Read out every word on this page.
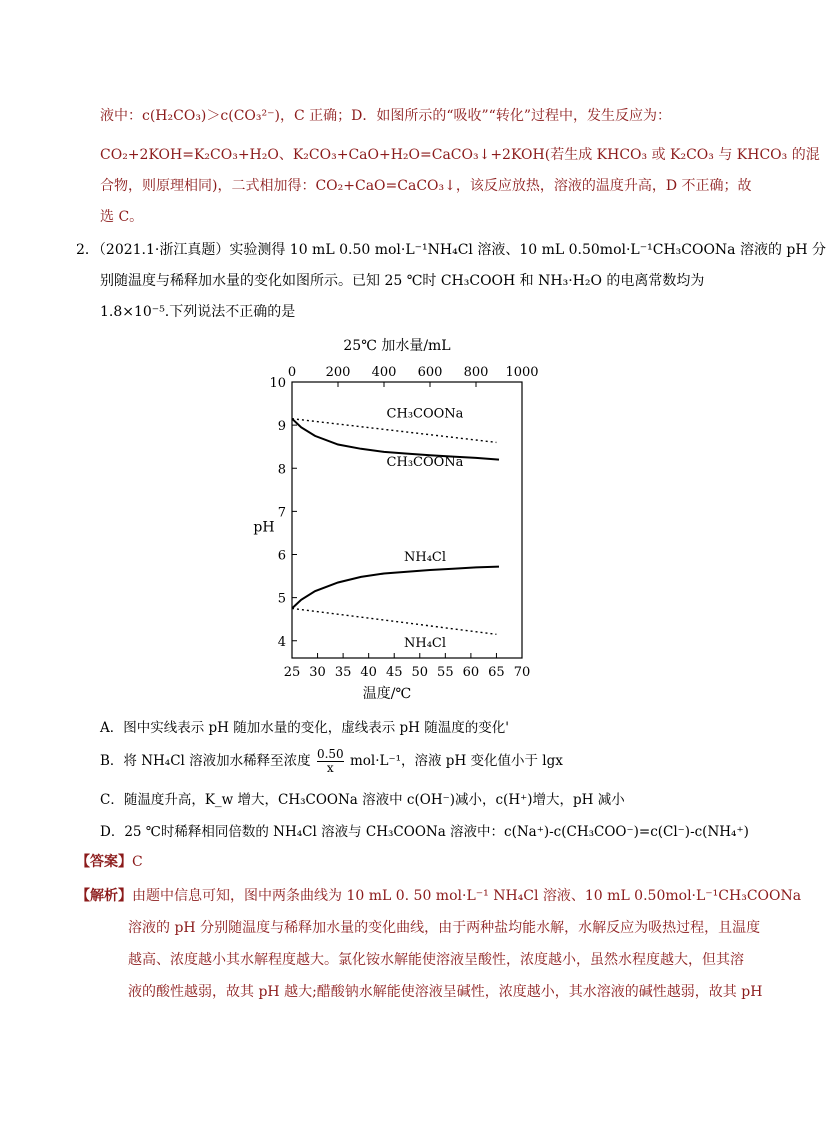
液中：c(H₂CO₃)＞c(CO₃²⁻)，C 正确；D．如图所示的“吸收”“转化”过程中，发生反应为：
CO₂+2KOH=K₂CO₃+H₂O、K₂CO₃+CaO+H₂O=CaCO₃↓+2KOH(若生成 KHCO₃ 或 K₂CO₃ 与 KHCO₃ 的混
合物，则原理相同)，二式相加得：CO₂+CaO=CaCO₃↓，该反应放热，溶液的温度升高，D 不正确；故
选 C。
2．（2021.1·浙江真题）实验测得 10 mL 0.50 mol·L⁻¹NH₄Cl 溶液、10 mL 0.50mol·L⁻¹CH₃COONa 溶液的 pH 分
别随温度与稀释加水量的变化如图所示。已知 25 ℃时 CH₃COOH 和 NH₃·H₂O 的电离常数均为
1.8×10⁻⁵.下列说法不正确的是
25℃ 加水量/mL
0 200 400 600 800 1000
25 30 35 40 45 50 55 60 65 70
温度/℃
4
5
6
7
8
9
10
pH
CH₃COONa
CH₃COONa
NH₄Cl
NH₄Cl
A．图中实线表示 pH 随加水量的变化，虚线表示 pH 随温度的变化'
B．将 NH₄Cl 溶液加水稀释至浓度 $\frac{0.50}{x} mol\cdot L^{-1}$，溶液 pH 变化值小于 lgx
C．随温度升高，K_w 增大，CH₃COONa 溶液中 c(OH⁻)减小，c(H⁺)增大，pH 减小
D．25 ℃时稀释相同倍数的 NH₄Cl 溶液与 CH₃COONa 溶液中：c(Na⁺)-c(CH₃COO⁻)=c(Cl⁻)-c(NH₄⁺)
【答案】C
【解析】由题中信息可知，图中两条曲线为 10 mL 0. 50 mol·L⁻¹ NH₄Cl 溶液、10 mL 0.50mol·L⁻¹CH₃COONa
溶液的 pH 分别随温度与稀释加水量的变化曲线，由于两种盐均能水解，水解反应为吸热过程，且温度
越高、浓度越小其水解程度越大。氯化铵水解能使溶液呈酸性，浓度越小，虽然水程度越大，但其溶
液的酸性越弱，故其 pH 越大;醋酸钠水解能使溶液呈碱性，浓度越小，其水溶液的碱性越弱，故其 pH
